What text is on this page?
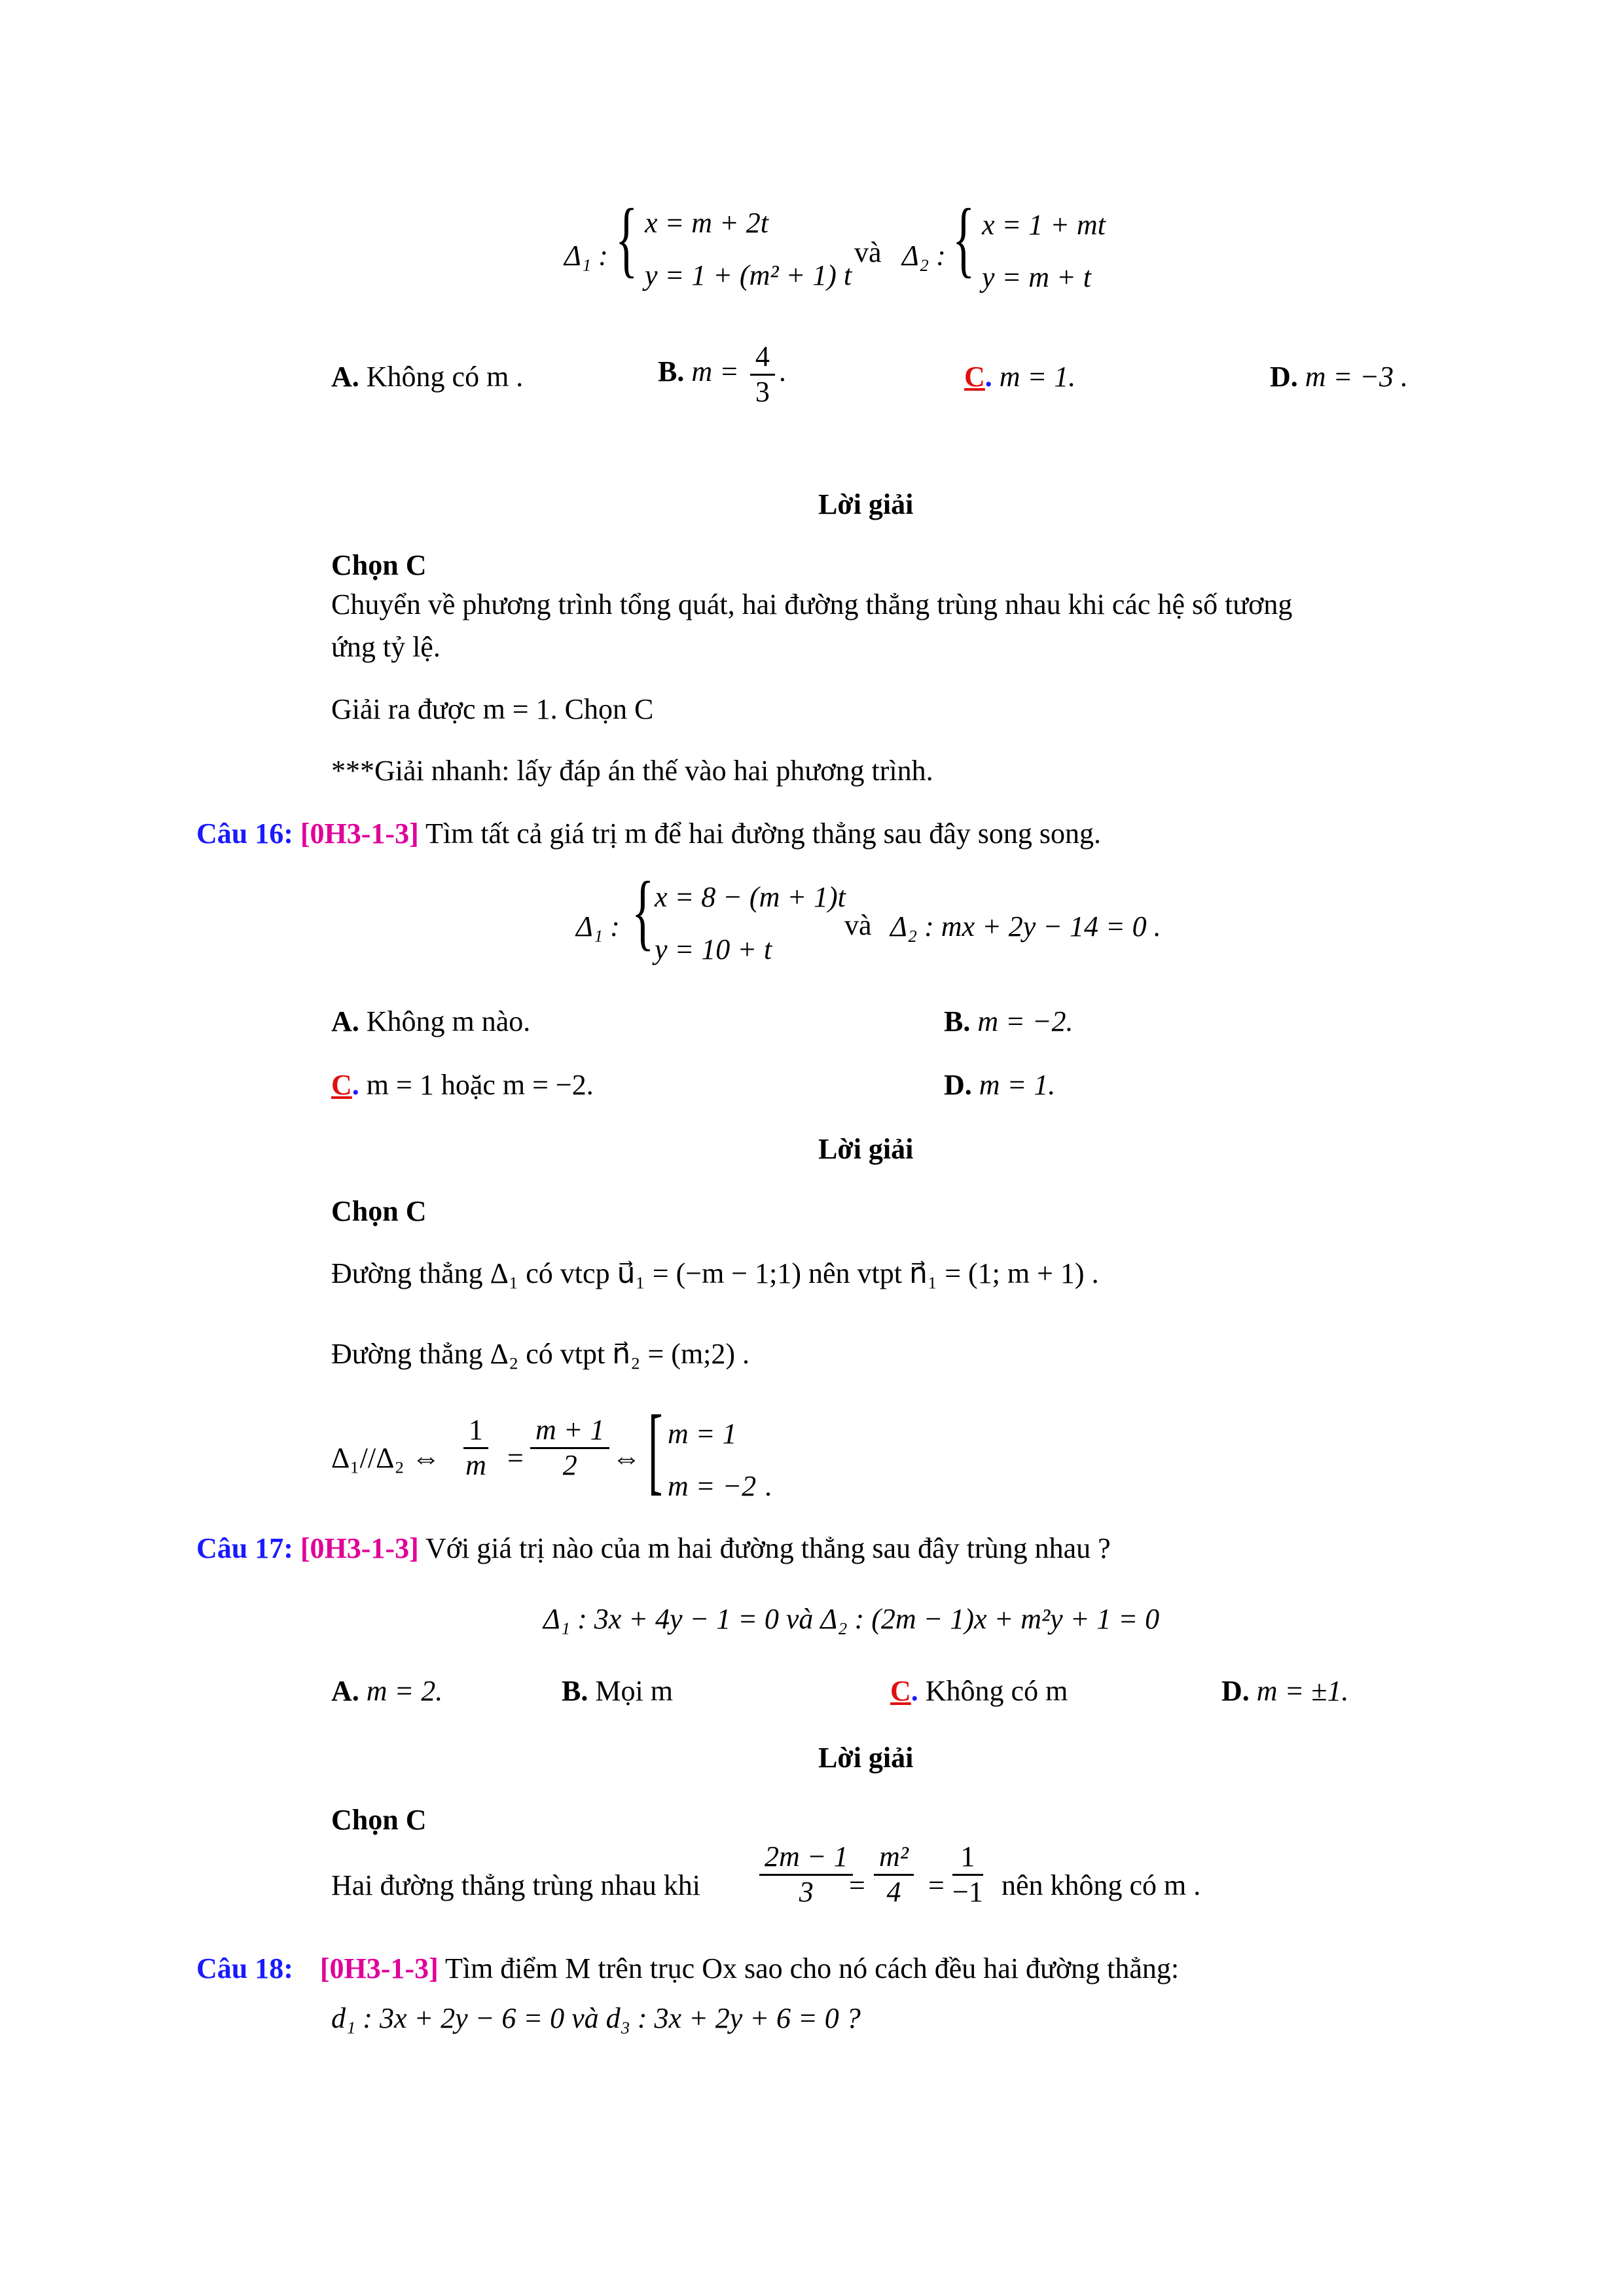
Δ₁ : { x = m + 2t
y = 1 + (m² + 1) t
và Δ₂ : { x = 1 + mt
y = m + t
A. Không có m .	B. $m = \frac{4}{3}$ .	C. m = 1.	D. m = −3 .
Lời giải
Chọn C
Chuyển về phương trình tổng quát, hai đường thẳng trùng nhau khi các hệ số tương
ứng tỷ lệ.
Giải ra được m = 1. Chọn C
***Giải nhanh: lấy đáp án thế vào hai phương trình.
Câu 16: [0H3-1-3] Tìm tất cả giá trị m để hai đường thẳng sau đây song song.
Δ₁ : { x = 8 − (m + 1)t
y = 10 + t
và Δ₂ : mx + 2y − 14 = 0 .
A. Không m nào.	B. m = −2.
C. m = 1 hoặc m = −2.	D. m = 1.
Lời giải
Chọn C
Đường thẳng Δ₁ có vtcp u⃗₁ = (−m − 1;1) nên vtpt n⃗₁ = (1; m + 1) .
Đường thẳng Δ₂ có vtpt n⃗₂ = (m;2) .
Δ₁//Δ₂ ⇔ $\frac{1}{m} = \frac{m + 1}{2}$ ⇔ [ m = 1
m = −2 .
Câu 17: [0H3-1-3] Với giá trị nào của m hai đường thẳng sau đây trùng nhau ?
Δ₁ : 3x + 4y − 1 = 0 và Δ₂ : (2m − 1)x + m²y + 1 = 0
A. m = 2.	B. Mọi m	C. Không có m	D. m = ±1.
Lời giải
Chọn C
Hai đường thẳng trùng nhau khi $\frac{2m - 1}{3}$
= $\frac{\text{m²}}{4} = \frac{1}{-1}$ nên không có m .
Câu 18: [0H3-1-3] Tìm điểm M trên trục Ox sao cho nó cách đều hai đường thẳng:
d₁ : 3x + 2y − 6 = 0 và d₃ : 3x + 2y + 6 = 0 ?
